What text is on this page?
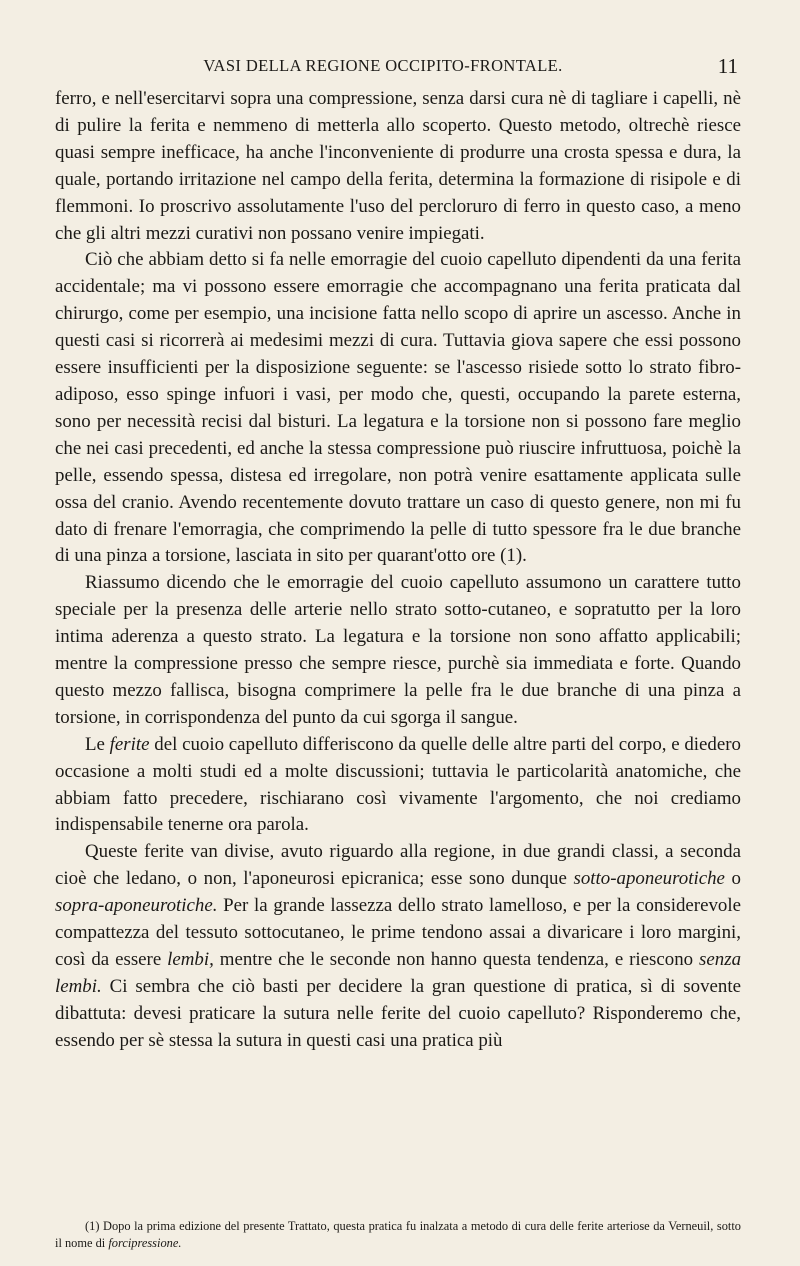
VASI DELLA REGIONE OCCIPITO-FRONTALE.	11

ferro, e nell'esercitarvi sopra una compressione, senza darsi cura nè di tagliare i capelli, nè di pulire la ferita e nemmeno di metterla allo scoperto. Questo metodo, oltrechè riesce quasi sempre inefficace, ha anche l'inconveniente di produrre una crosta spessa e dura, la quale, portando irritazione nel campo della ferita, determina la formazione di risipole e di flemmoni. Io proscrivo assolutamente l'uso del percloruro di ferro in questo caso, a meno che gli altri mezzi curativi non possano venire impiegati.

Ciò che abbiam detto si fa nelle emorragie del cuoio capelluto dipendenti da una ferita accidentale; ma vi possono essere emorragie che accompagnano una ferita praticata dal chirurgo, come per esempio, una incisione fatta nello scopo di aprire un ascesso. Anche in questi casi si ricorrerà ai medesimi mezzi di cura. Tuttavia giova sapere che essi possono essere insufficienti per la disposizione seguente: se l'ascesso risiede sotto lo strato fibro-adiposo, esso spinge infuori i vasi, per modo che, questi, occupando la parete esterna, sono per necessità recisi dal bisturi. La legatura e la torsione non si possono fare meglio che nei casi precedenti, ed anche la stessa compressione può riuscire infruttuosa, poichè la pelle, essendo spessa, distesa ed irregolare, non potrà venire esattamente applicata sulle ossa del cranio. Avendo recentemente dovuto trattare un caso di questo genere, non mi fu dato di frenare l'emorragia, che comprimendo la pelle di tutto spessore fra le due branche di una pinza a torsione, lasciata in sito per quarant'otto ore (1).

Riassumo dicendo che le emorragie del cuoio capelluto assumono un carattere tutto speciale per la presenza delle arterie nello strato sotto-cutaneo, e sopratutto per la loro intima aderenza a questo strato. La legatura e la torsione non sono affatto applicabili; mentre la compressione presso che sempre riesce, purchè sia immediata e forte. Quando questo mezzo fallisca, bisogna comprimere la pelle fra le due branche di una pinza a torsione, in corrispondenza del punto da cui sgorga il sangue.

Le ferite del cuoio capelluto differiscono da quelle delle altre parti del corpo, e diedero occasione a molti studi ed a molte discussioni; tuttavia le particolarità anatomiche, che abbiam fatto precedere, rischiarano così vivamente l'argomento, che noi crediamo indispensabile tenerne ora parola.

Queste ferite van divise, avuto riguardo alla regione, in due grandi classi, a seconda cioè che ledano, o non, l'aponeurosi epicranica; esse sono dunque sotto-aponeurotiche o sopra-aponeurotiche. Per la grande lassezza dello strato lamelloso, e per la considerevole compattezza del tessuto sottocutaneo, le prime tendono assai a divaricare i loro margini, così da essere lembi, mentre che le seconde non hanno questa tendenza, e riescono senza lembi. Ci sembra che ciò basti per decidere la gran questione di pratica, sì di sovente dibattuta: devesi praticare la sutura nelle ferite del cuoio capelluto? Risponderemo che, essendo per sè stessa la sutura in questi casi una pratica più

(1) Dopo la prima edizione del presente Trattato, questa pratica fu inalzata a metodo di cura delle ferite arteriose da Verneuil, sotto il nome di forcipressione.
